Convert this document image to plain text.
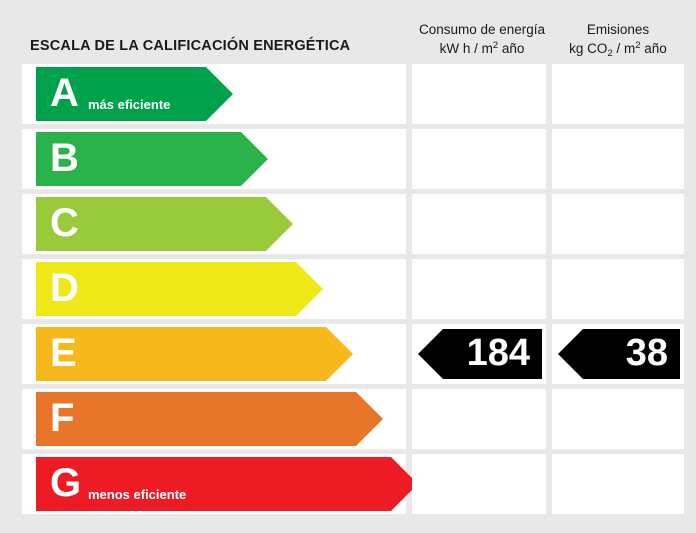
ESCALA DE LA CALIFICACIÓN ENERGÉTICA
Consumo de energía
kW h / $m^2$ año
Emisiones
kg $CO_2 / m^2$ año
A más eficiente
B
C
D
E	184	38
F
G menos eficiente
